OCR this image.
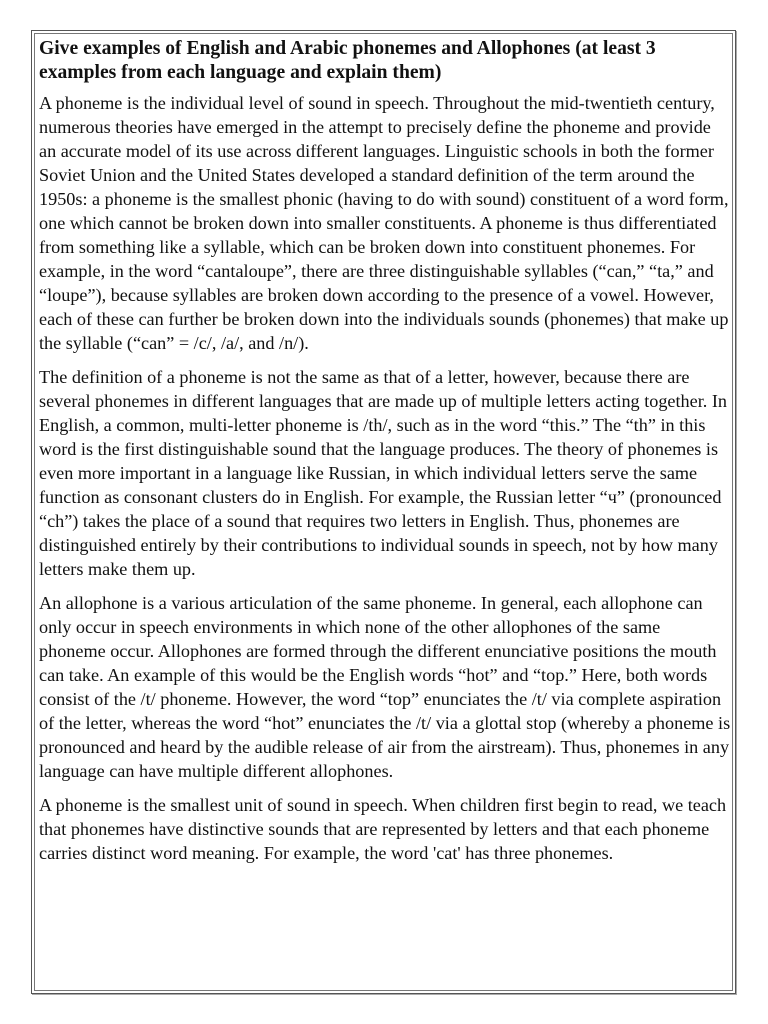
Give examples of English and Arabic phonemes and Allophones (at least 3 examples from each language and explain them)

A phoneme is the individual level of sound in speech. Throughout the mid-twentieth century, numerous theories have emerged in the attempt to precisely define the phoneme and provide an accurate model of its use across different languages. Linguistic schools in both the former Soviet Union and the United States developed a standard definition of the term around the 1950s: a phoneme is the smallest phonic (having to do with sound) constituent of a word form, one which cannot be broken down into smaller constituents. A phoneme is thus differentiated from something like a syllable, which can be broken down into constituent phonemes. For example, in the word “cantaloupe”, there are three distinguishable syllables (“can,” “ta,” and “loupe”), because syllables are broken down according to the presence of a vowel. However, each of these can further be broken down into the individuals sounds (phonemes) that make up the syllable (“can” = /c/, /a/, and /n/).

The definition of a phoneme is not the same as that of a letter, however, because there are several phonemes in different languages that are made up of multiple letters acting together. In English, a common, multi-letter phoneme is /th/, such as in the word “this.” The “th” in this word is the first distinguishable sound that the language produces. The theory of phonemes is even more important in a language like Russian, in which individual letters serve the same function as consonant clusters do in English. For example, the Russian letter “ч” (pronounced “ch”) takes the place of a sound that requires two letters in English. Thus, phonemes are distinguished entirely by their contributions to individual sounds in speech, not by how many letters make them up.

An allophone is a various articulation of the same phoneme. In general, each allophone can only occur in speech environments in which none of the other allophones of the same phoneme occur. Allophones are formed through the different enunciative positions the mouth can take. An example of this would be the English words “hot” and “top.” Here, both words consist of the /t/ phoneme. However, the word “top” enunciates the /t/ via complete aspiration of the letter, whereas the word “hot” enunciates the /t/ via a glottal stop (whereby a phoneme is pronounced and heard by the audible release of air from the airstream). Thus, phonemes in any language can have multiple different allophones.

A phoneme is the smallest unit of sound in speech. When children first begin to read, we teach that phonemes have distinctive sounds that are represented by letters and that each phoneme carries distinct word meaning. For example, the word 'cat' has three phonemes.
